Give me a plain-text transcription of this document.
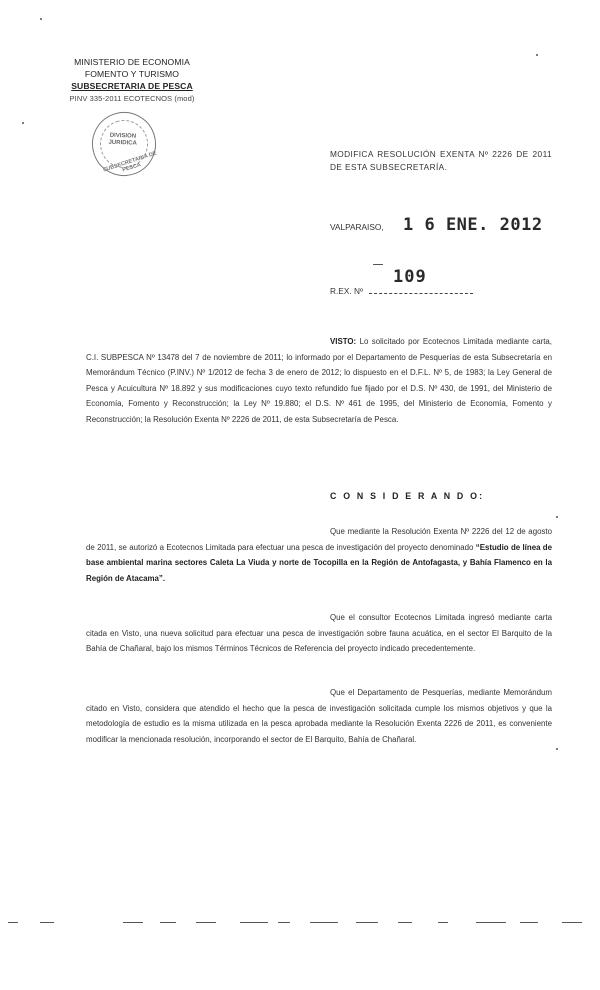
MINISTERIO DE ECONOMIA
FOMENTO Y TURISMO
SUBSECRETARIA DE PESCA
PINV 335-2011 ECOTECNOS (mod)
DIVISION JURIDICA
SUBSECRETARIA DE PESCA
MODIFICA RESOLUCIÓN EXENTA Nº 2226 DE 2011 DE ESTA SUBSECRETARÍA.
VALPARAISO, 1 6 ENE. 2012
R.EX. Nº
109
VISTO: Lo solicitado por Ecotecnos Limitada mediante carta, C.I. SUBPESCA Nº 13478 del 7 de noviembre de 2011; lo informado por el Departamento de Pesquerías de esta Subsecretaría en Memorándum Técnico (P.INV.) Nº 1/2012 de fecha 3 de enero de 2012; lo dispuesto en el D.F.L. Nº 5, de 1983; la Ley General de Pesca y Acuicultura Nº 18.892 y sus modificaciones cuyo texto refundido fue fijado por el D.S. Nº 430, de 1991, del Ministerio de Economía, Fomento y Reconstrucción; la Ley Nº 19.880; el D.S. Nº 461 de 1995, del Ministerio de Economía, Fomento y Reconstrucción; la Resolución Exenta Nº 2226 de 2011, de esta Subsecretaría de Pesca.
C O N S I D E R A N D O:
Que mediante la Resolución Exenta Nº 2226 del 12 de agosto de 2011, se autorizó a Ecotecnos Limitada para efectuar una pesca de investigación del proyecto denominado “Estudio de línea de base ambiental marina sectores Caleta La Viuda y norte de Tocopilla en la Región de Antofagasta, y Bahía Flamenco en la Región de Atacama”.
Que el consultor Ecotecnos Limitada ingresó mediante carta citada en Visto, una nueva solicitud para efectuar una pesca de investigación sobre fauna acuática, en el sector El Barquito de la Bahía de Chañaral, bajo los mismos Términos Técnicos de Referencia del proyecto indicado precedentemente.
Que el Departamento de Pesquerías, mediante Memorándum citado en Visto, considera que atendido el hecho que la pesca de investigación solicitada cumple los mismos objetivos y que la metodología de estudio es la misma utilizada en la pesca aprobada mediante la Resolución Exenta 2226 de 2011, es conveniente modificar la mencionada resolución, incorporando el sector de El Barquito, Bahía de Chañaral.
